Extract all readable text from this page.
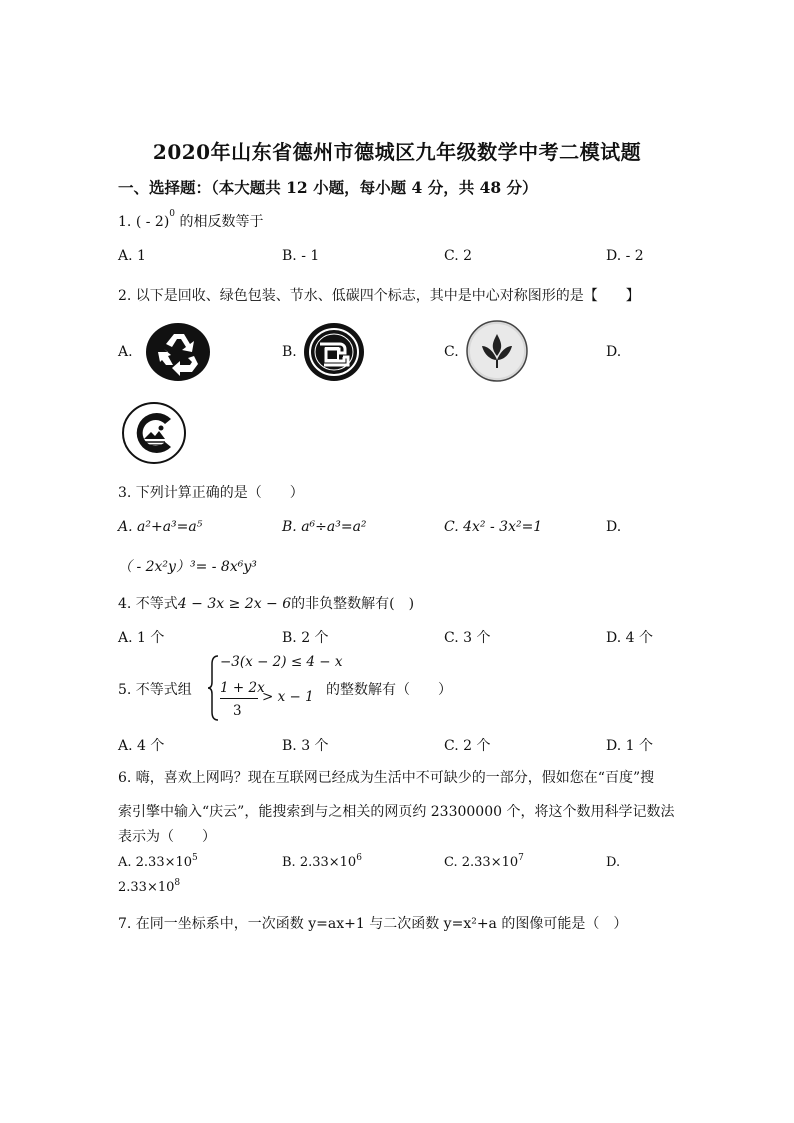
2020年山东省德州市德城区九年级数学中考二模试题
一、选择题：（本大题共 12 小题，每小题 4 分，共 48 分）
1. ( - 2)$^0$ 的相反数等于
A. 1	B. - 1	C. 2	D. - 2
2. 以下是回收、绿色包装、节水、低碳四个标志，其中是中心对称图形的是【　　】
A.	B.	C.	D.
3. 下列计算正确的是（　　）
A. a²+a³=a⁵	B. a⁶÷a³=a²	C. 4x² - 3x²=1	D.
（ - 2x²y）³= - 8x⁶y³
4. 不等式4 − 3x ≥ 2x − 6的非负整数解有(　)
A. 1 个	B. 2 个	C. 3 个	D. 4 个
5. 不等式组
−3(x − 2) ≤ 4 − x
1 + 2x
3
> x − 1 的整数解有（　　）
A. 4 个	B. 3 个	C. 2 个	D. 1 个
6. 嗨，喜欢上网吗？现在互联网已经成为生活中不可缺少的一部分，假如您在“百度”搜
索引擎中输入“庆云”，能搜索到与之相关的网页约 23300000 个，将这个数用科学记数法
表示为（　　）
A. $2.33\times 10^5$	B. $2.33\times 10^6$	C. $2.33\times 10^7$	D.
$2.33\times 10^8$
7. 在同一坐标系中，一次函数 y=ax+1 与二次函数 y=x²+a 的图像可能是（　）
